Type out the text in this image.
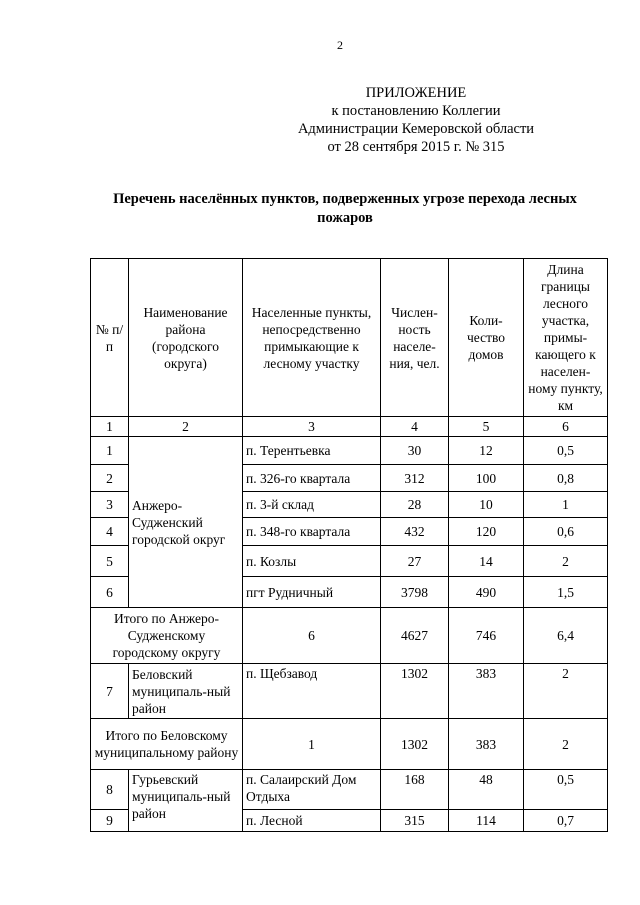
2
ПРИЛОЖЕНИЕ
к постановлению Коллегии
Администрации Кемеровской области
от 28 сентября 2015 г. № 315
Перечень населённых пунктов, подверженных угрозе перехода лесных пожаров
№ п/п	Наименование района (городского округа)	Населенные пункты, непосредственно примыкающие к лесному участку	Числен-ность населе-ния, чел.	Коли-чество домов	Длина границы лесного участка, примы-кающего к населен-ному пункту, км
1	2	3	4	5	6
1	Анжеро-Судженский городской округ	п. Терентьевка	30	12	0,5
2		п. 326-го квартала	312	100	0,8
3		п. 3-й склад	28	10	1
4		п. 348-го квартала	432	120	0,6
5		п. Козлы	27	14	2
6		пгт Рудничный	3798	490	1,5
Итого по Анжеро-Судженскому городскому округу		6	4627	746	6,4
7	Беловский муниципаль-ный район	п. Щебзавод	1302	383	2
Итого по Беловскому муниципальному району		1	1302	383	2
8	Гурьевский муниципаль-ный район	п. Салаирский Дом Отдыха	168	48	0,5
9		п. Лесной	315	114	0,7
